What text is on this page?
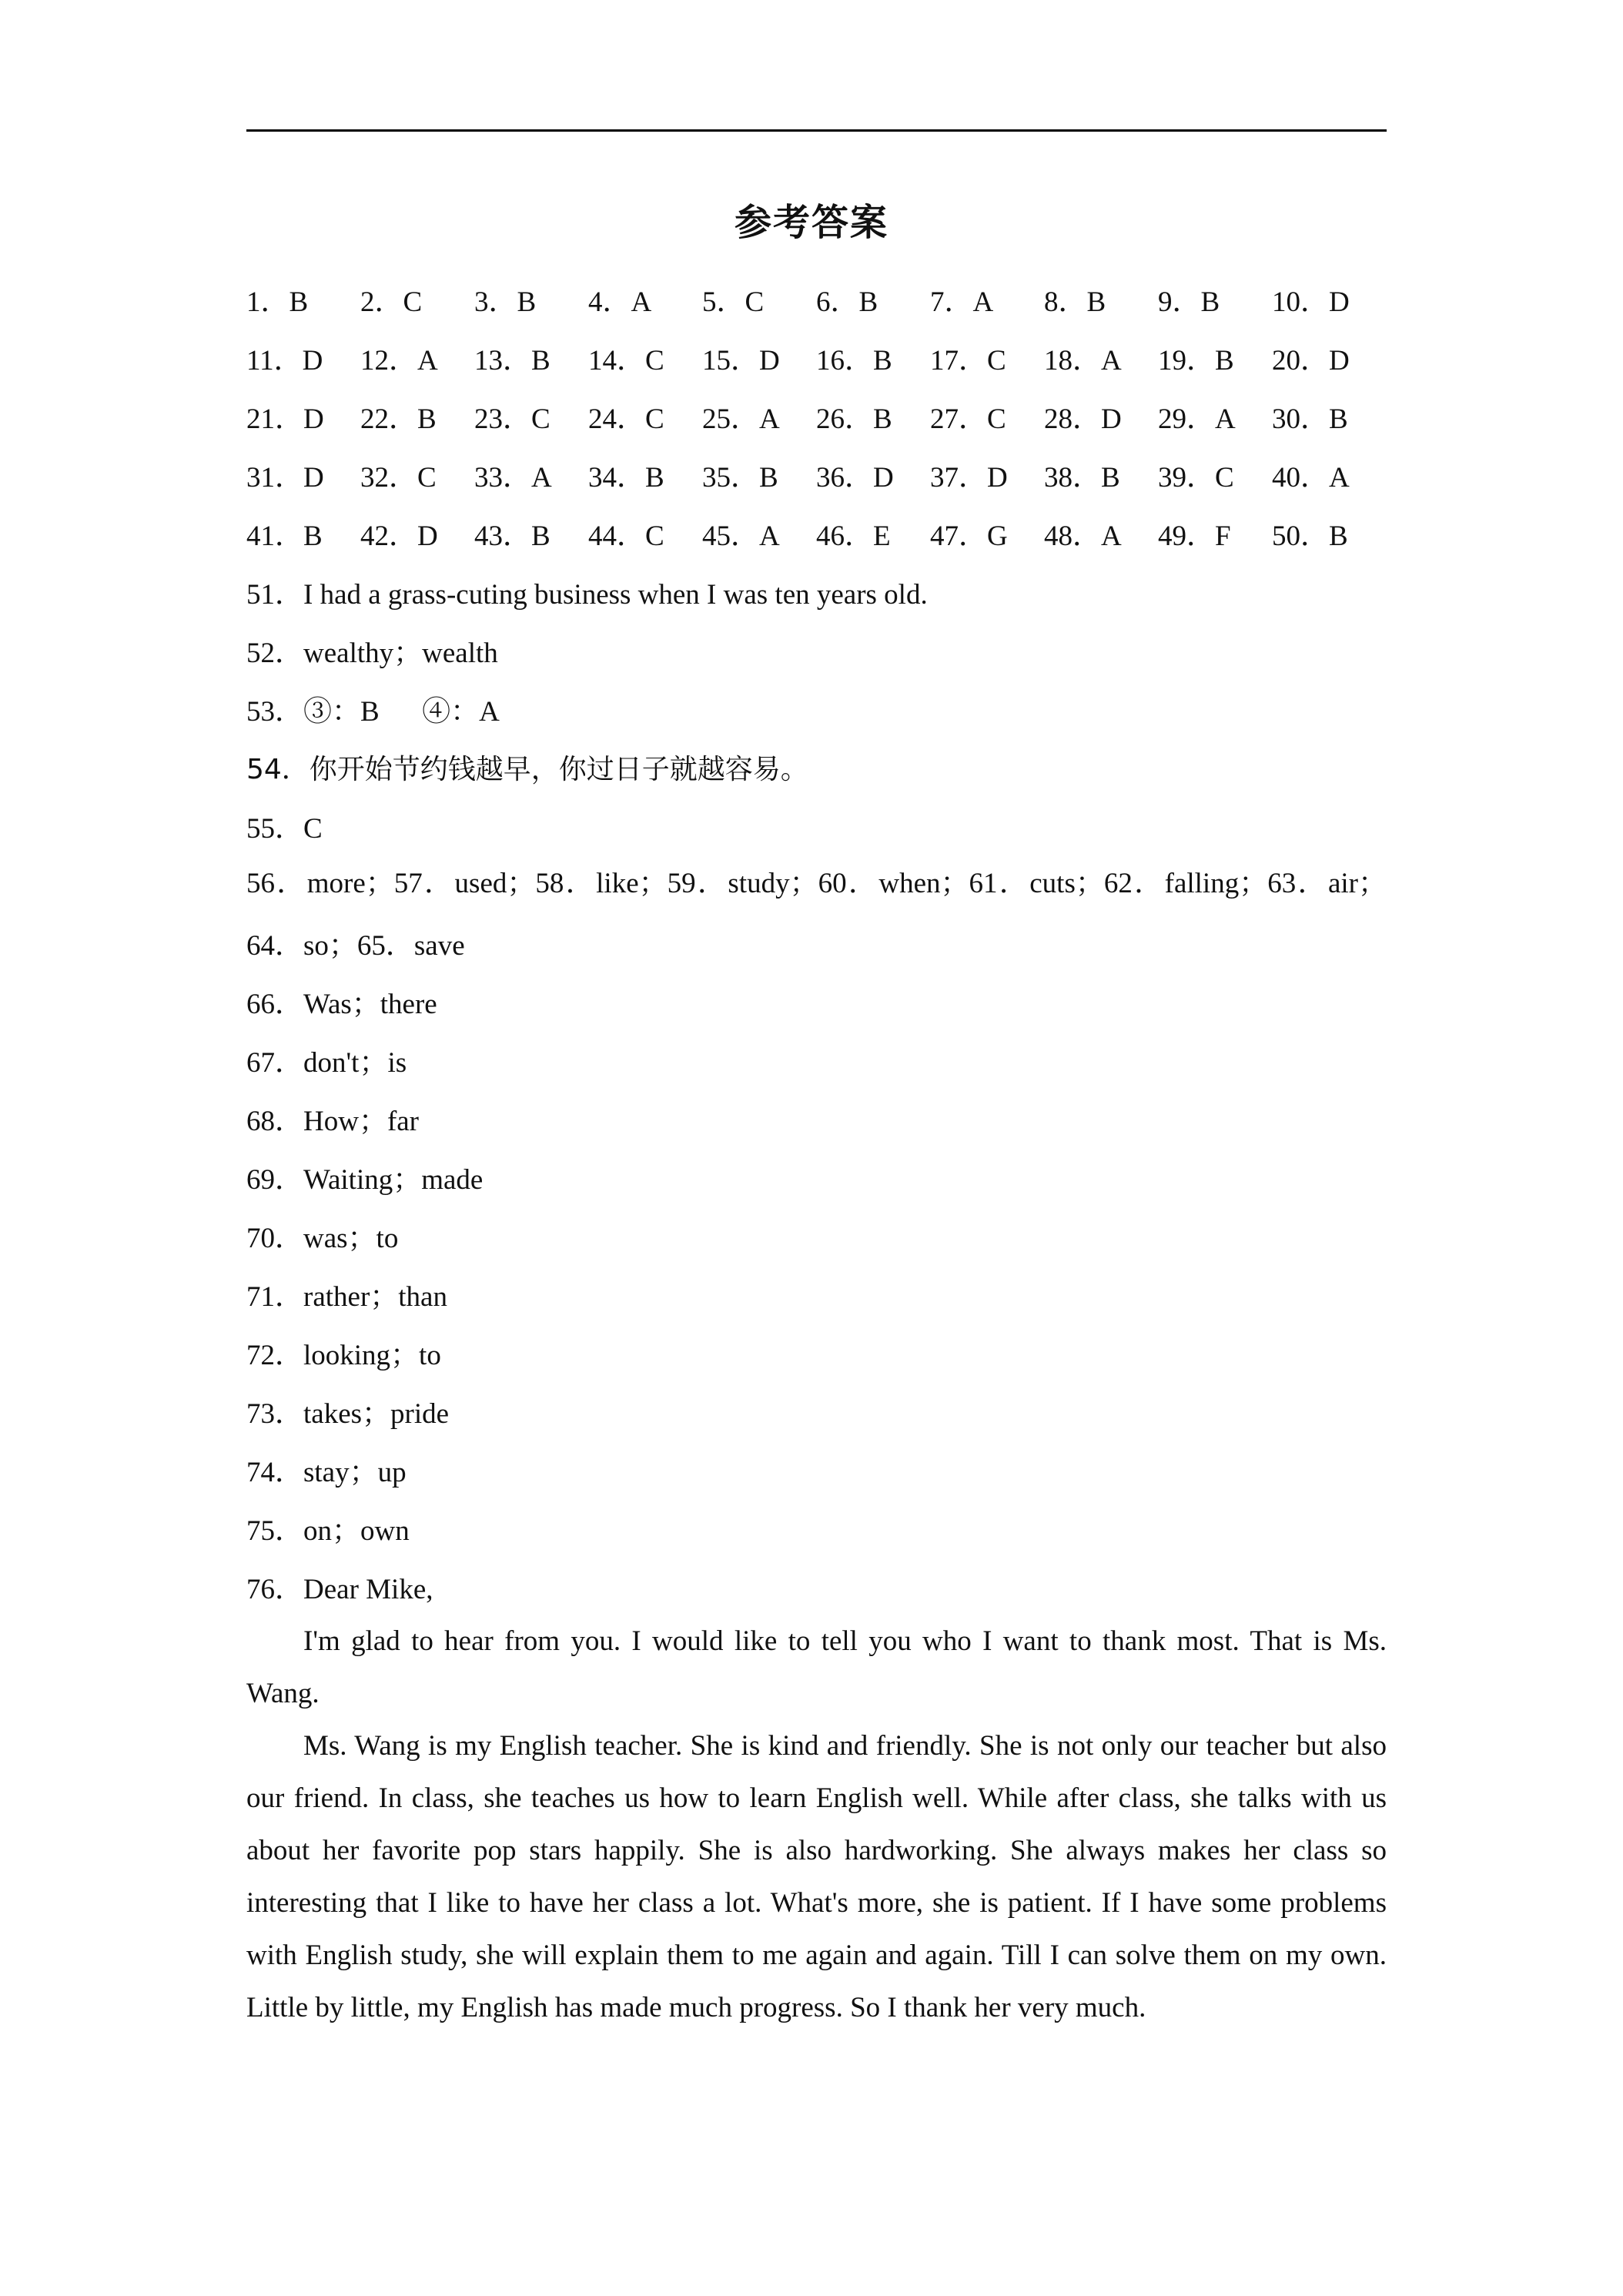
参考答案
1．B	2．C	3．B	4．A	5．C	6．B	7．A	8．B	9．B	10．D
11．D	12．A	13．B	14．C	15．D	16．B	17．C	18．A	19．B	20．D
21．D	22．B	23．C	24．C	25．A	26．B	27．C	28．D	29．A	30．B
31．D	32．C	33．A	34．B	35．B	36．D	37．D	38．B	39．C	40．A
41．B	42．D	43．B	44．C	45．A	46．E	47．G	48．A	49．F	50．B
51．I had a grass-cuting business when I was ten years old.
52．wealthy；wealth
53．③：B      ④：A
54．你开始节约钱越早，你过日子就越容易。
55．C
56．more；57．used；58．like；59．study；60．when；61．cuts；62．falling；63．air；
64．so；65．save
66．Was；there
67．don't；is
68．How；far
69．Waiting；made
70．was；to
71．rather；than
72．looking；to
73．takes；pride
74．stay；up
75．on；own
76．Dear Mike,

I'm glad to hear from you. I would like to tell you who I want to thank most. That is Ms. Wang.

Ms. Wang is my English teacher. She is kind and friendly. She is not only our teacher but also our friend. In class, she teaches us how to learn English well. While after class, she talks with us about her favorite pop stars happily. She is also hardworking. She always makes her class so interesting that I like to have her class a lot. What's more, she is patient. If I have some problems with English study, she will explain them to me again and again. Till I can solve them on my own. Little by little, my English has made much progress. So I thank her very much.
